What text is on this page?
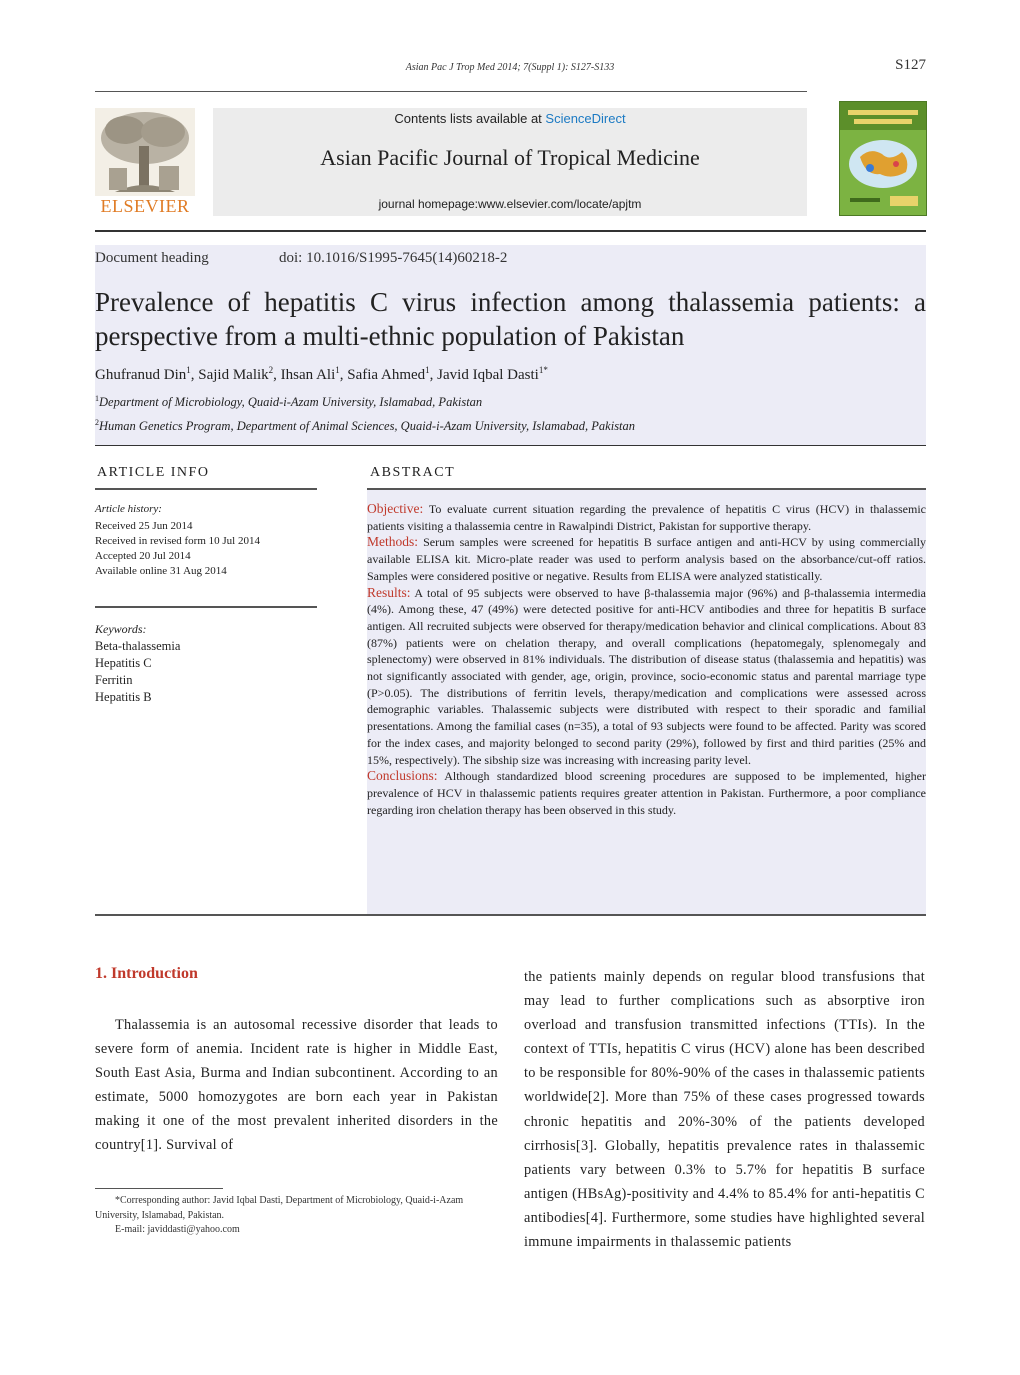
Asian Pac J Trop Med 2014; 7(Suppl 1): S127-S133	S127
ELSEVIER
Contents lists available at ScienceDirect
Asian Pacific Journal of Tropical Medicine
journal homepage:www.elsevier.com/locate/apjtm
Document heading	doi: 10.1016/S1995-7645(14)60218-2
Prevalence of hepatitis C virus infection among thalassemia patients: a
perspective from a multi-ethnic population of Pakistan
Ghufranud Din$^1$, Sajid Malik$^2$, Ihsan Ali$^1$, Safia Ahmed$^1$, Javid Iqbal Dasti$^{1*}$
$^1$Department of Microbiology, Quaid-i-Azam University, Islamabad, Pakistan
$^2$Human Genetics Program, Department of Animal Sciences, Quaid-i-Azam University, Islamabad, Pakistan
ARTICLE INFO
Article history:
Received 25 Jun 2014
Received in revised form 10 Jul 2014
Accepted 20 Jul 2014
Available online 31 Aug 2014
Keywords:
Beta-thalassemia
Hepatitis C
Ferritin
Hepatitis B
ABSTRACT

Objective: To evaluate current situation regarding the prevalence of hepatitis C virus (HCV) in thalassemic patients visiting a thalassemia centre in Rawalpindi District, Pakistan for supportive therapy.

Methods: Serum samples were screened for hepatitis B surface antigen and anti-HCV by using commercially available ELISA kit. Micro-plate reader was used to perform analysis based on the absorbance/cut-off ratios. Samples were considered positive or negative. Results from ELISA were analyzed statistically.

Results: A total of 95 subjects were observed to have β-thalassemia major (96%) and β-thalassemia intermedia (4%). Among these, 47 (49%) were detected positive for anti-HCV antibodies and three for hepatitis B surface antigen. All recruited subjects were observed for therapy/medication behavior and clinical complications. About 83 (87%) patients were on chelation therapy, and overall complications (hepatomegaly, splenomegaly and splenectomy) were observed in 81% individuals. The distribution of disease status (thalassemia and hepatitis) was not significantly associated with gender, age, origin, province, socio-economic status and parental marriage type (P>0.05). The distributions of ferritin levels, therapy/medication and complications were assessed across demographic variables. Thalassemic subjects were distributed with respect to their sporadic and familial presentations. Among the familial cases (n=35), a total of 93 subjects were found to be affected. Parity was scored for the index cases, and majority belonged to second parity (29%), followed by first and third parities (25% and 15%, respectively). The sibship size was increasing with increasing parity level.

Conclusions: Although standardized blood screening procedures are supposed to be implemented, higher prevalence of HCV in thalassemic patients requires greater attention in Pakistan. Furthermore, a poor compliance regarding iron chelation therapy has been observed in this study.

1. Introduction

Thalassemia is an autosomal recessive disorder that leads to severe form of anemia. Incident rate is higher in Middle East, South East Asia, Burma and Indian subcontinent. According to an estimate, 5000 homozygotes are born each year in Pakistan making it one of the most prevalent inherited disorders in the country[1]. Survival of

the patients mainly depends on regular blood transfusions that may lead to further complications such as absorptive iron overload and transfusion transmitted infections (TTIs). In the context of TTIs, hepatitis C virus (HCV) alone has been described to be responsible for 80%-90% of the cases in thalassemic patients worldwide[2]. More than 75% of these cases progressed towards chronic hepatitis and 20%-30% of the patients developed cirrhosis[3]. Globally, hepatitis prevalence rates in thalassemic patients vary between 0.3% to 5.7% for hepatitis B surface antigen (HBsAg)-positivity and 4.4% to 85.4% for anti-hepatitis C antibodies[4]. Furthermore, some studies have highlighted several immune impairments in thalassemic patients

*Corresponding author: Javid Iqbal Dasti, Department of Microbiology, Quaid-i-Azam University, Islamabad, Pakistan.

E-mail: javiddasti@yahoo.com
